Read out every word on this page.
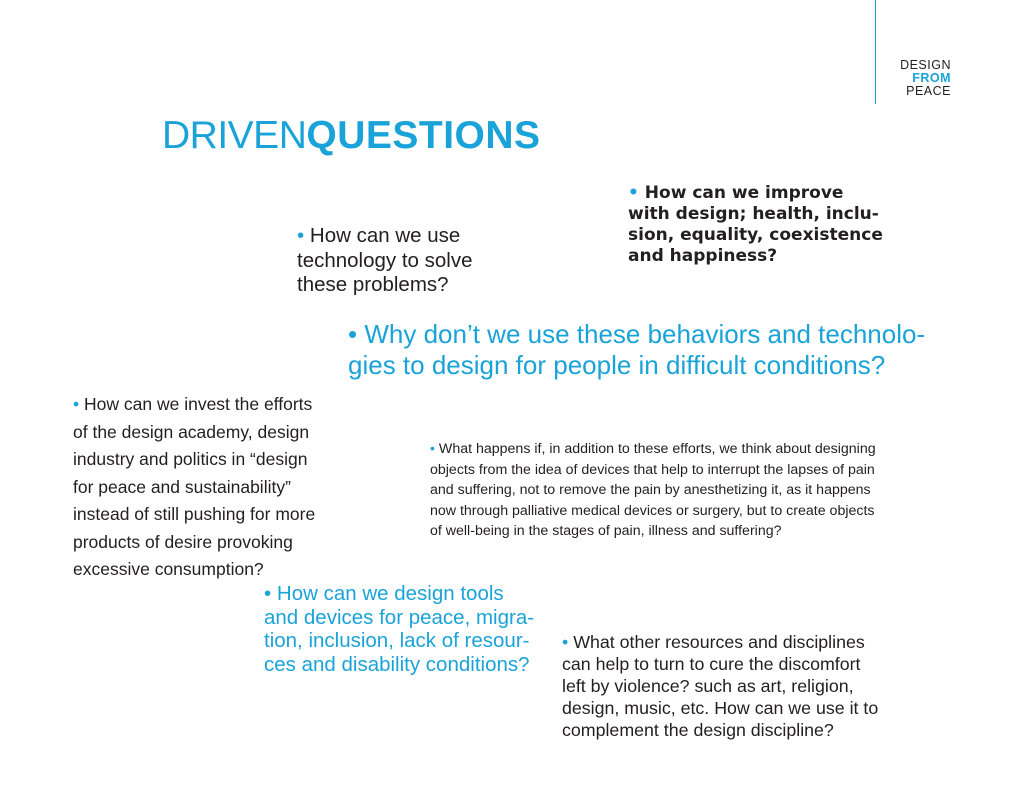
DESIGN
FROM
PEACE
DRIVENQUESTIONS
• How can we improve
with design; health, inclu-
sion, equality, coexistence
and happiness?
• How can we use
technology to solve
these problems?
• Why don’t we use these behaviors and technolo-
gies to design for people in difficult conditions?
• How can we invest the efforts
of the design academy, design
industry and politics in “design
for peace and sustainability”
instead of still pushing for more
products of desire provoking
excessive consumption?
• What happens if, in addition to these efforts, we think about designing
objects from the idea of devices that help to interrupt the lapses of pain
and suffering, not to remove the pain by anesthetizing it, as it happens
now through palliative medical devices or surgery, but to create objects
of well-being in the stages of pain, illness and suffering?
• How can we design tools
and devices for peace, migra-
tion, inclusion, lack of resour-
ces and disability conditions?
• What other resources and disciplines
can help to turn to cure the discomfort
left by violence? such as art, religion,
design, music, etc. How can we use it to
complement the design discipline?
